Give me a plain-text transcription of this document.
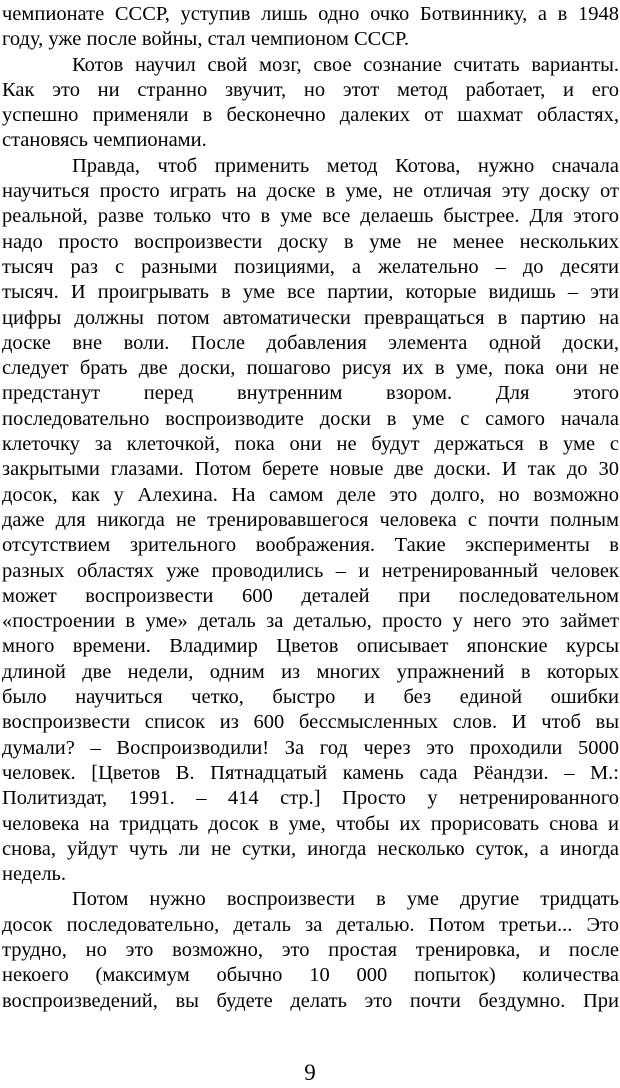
чемпионате СССР, уступив лишь одно очко Ботвиннику, а в 1948
году, уже после войны, стал чемпионом СССР.
Котов научил свой мозг, свое сознание считать варианты.
Как это ни странно звучит, но этот метод работает, и его
успешно применяли в бесконечно далеких от шахмат областях,
становясь чемпионами.
Правда, чтоб применить метод Котова, нужно сначала
научиться просто играть на доске в уме, не отличая эту доску от
реальной, разве только что в уме все делаешь быстрее. Для этого
надо просто воспроизвести доску в уме не менее нескольких
тысяч раз с разными позициями, а желательно – до десяти
тысяч. И проигрывать в уме все партии, которые видишь – эти
цифры должны потом автоматически превращаться в партию на
доске вне воли. После добавления элемента одной доски,
следует брать две доски, пошагово рисуя их в уме, пока они не
предстанут перед внутренним взором. Для этого
последовательно воспроизводите доски в уме с самого начала
клеточку за клеточкой, пока они не будут держаться в уме с
закрытыми глазами. Потом берете новые две доски. И так до 30
досок, как у Алехина. На самом деле это долго, но возможно
даже для никогда не тренировавшегося человека с почти полным
отсутствием зрительного воображения. Такие эксперименты в
разных областях уже проводились – и нетренированный человек
может воспроизвести 600 деталей при последовательном
«построении в уме» деталь за деталью, просто у него это займет
много времени. Владимир Цветов описывает японские курсы
длиной две недели, одним из многих упражнений в которых
было научиться четко, быстро и без единой ошибки
воспроизвести список из 600 бессмысленных слов. И чтоб вы
думали? – Воспроизводили! За год через это проходили 5000
человек. [Цветов В. Пятнадцатый камень сада Рёандзи. – М.:
Политиздат, 1991. – 414 стр.] Просто у нетренированного
человека на тридцать досок в уме, чтобы их прорисовать снова и
снова, уйдут чуть ли не сутки, иногда несколько суток, а иногда
недель.
Потом нужно воспроизвести в уме другие тридцать
досок последовательно, деталь за деталью. Потом третьи... Это
трудно, но это возможно, это простая тренировка, и после
некоего (максимум обычно 10 000 попыток) количества
воспроизведений, вы будете делать это почти бездумно. При
9
